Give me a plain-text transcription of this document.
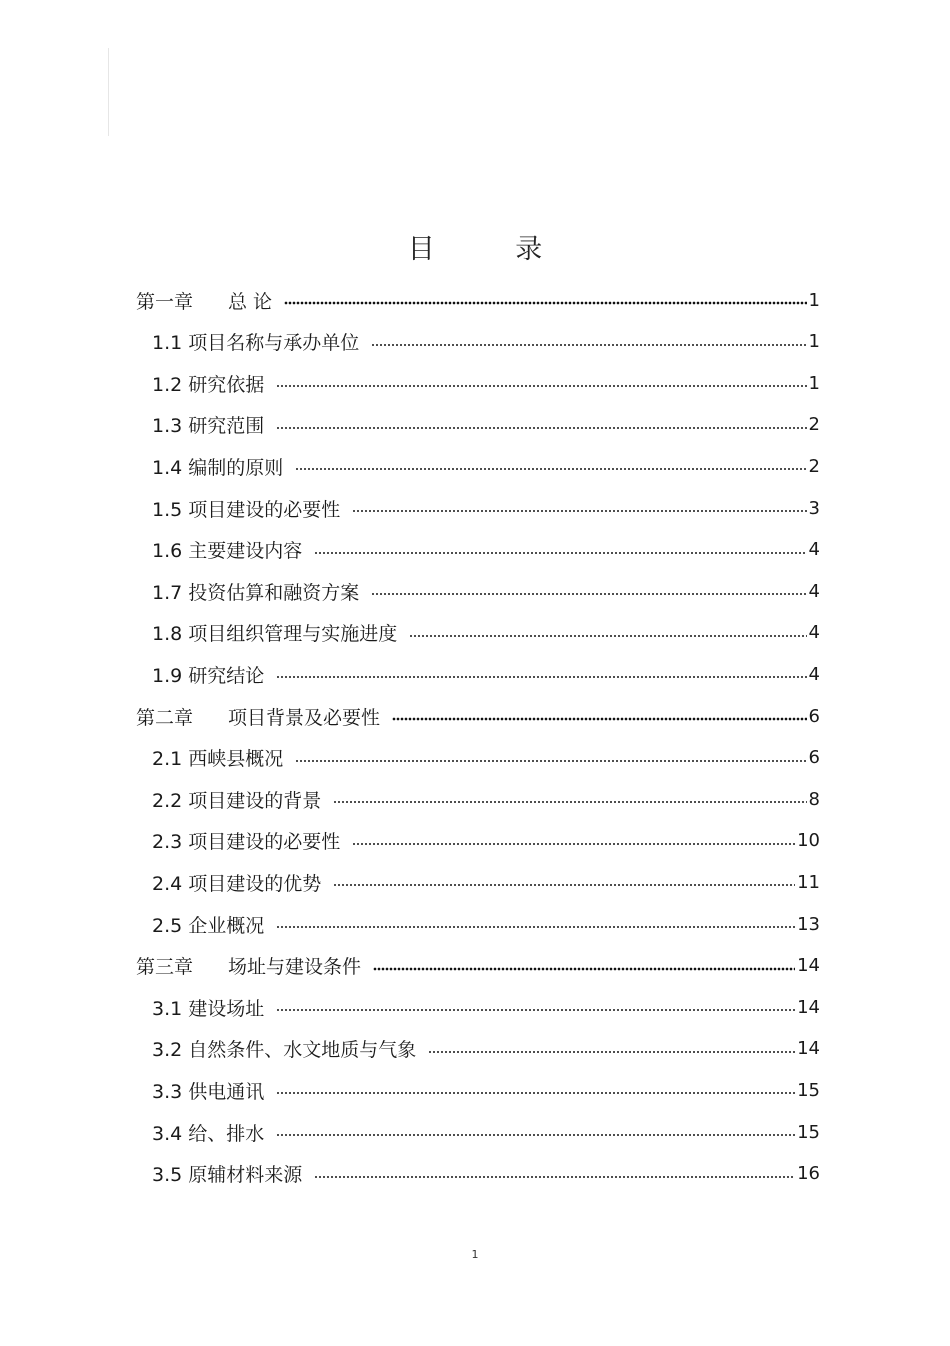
目 录
第一章	总 论	1
1.1 项目名称与承办单位	1
1.2 研究依据	1
1.3 研究范围	2
1.4 编制的原则	2
1.5 项目建设的必要性	3
1.6 主要建设内容	4
1.7 投资估算和融资方案	4
1.8 项目组织管理与实施进度	4
1.9 研究结论	4
第二章	项目背景及必要性	6
2.1 西峡县概况	6
2.2 项目建设的背景	8
2.3 项目建设的必要性	10
2.4 项目建设的优势	11
2.5 企业概况	13
第三章	场址与建设条件	14
3.1 建设场址	14
3.2 自然条件、水文地质与气象	14
3.3 供电通讯	15
3.4 给、排水	15
3.5 原辅材料来源	16
1
